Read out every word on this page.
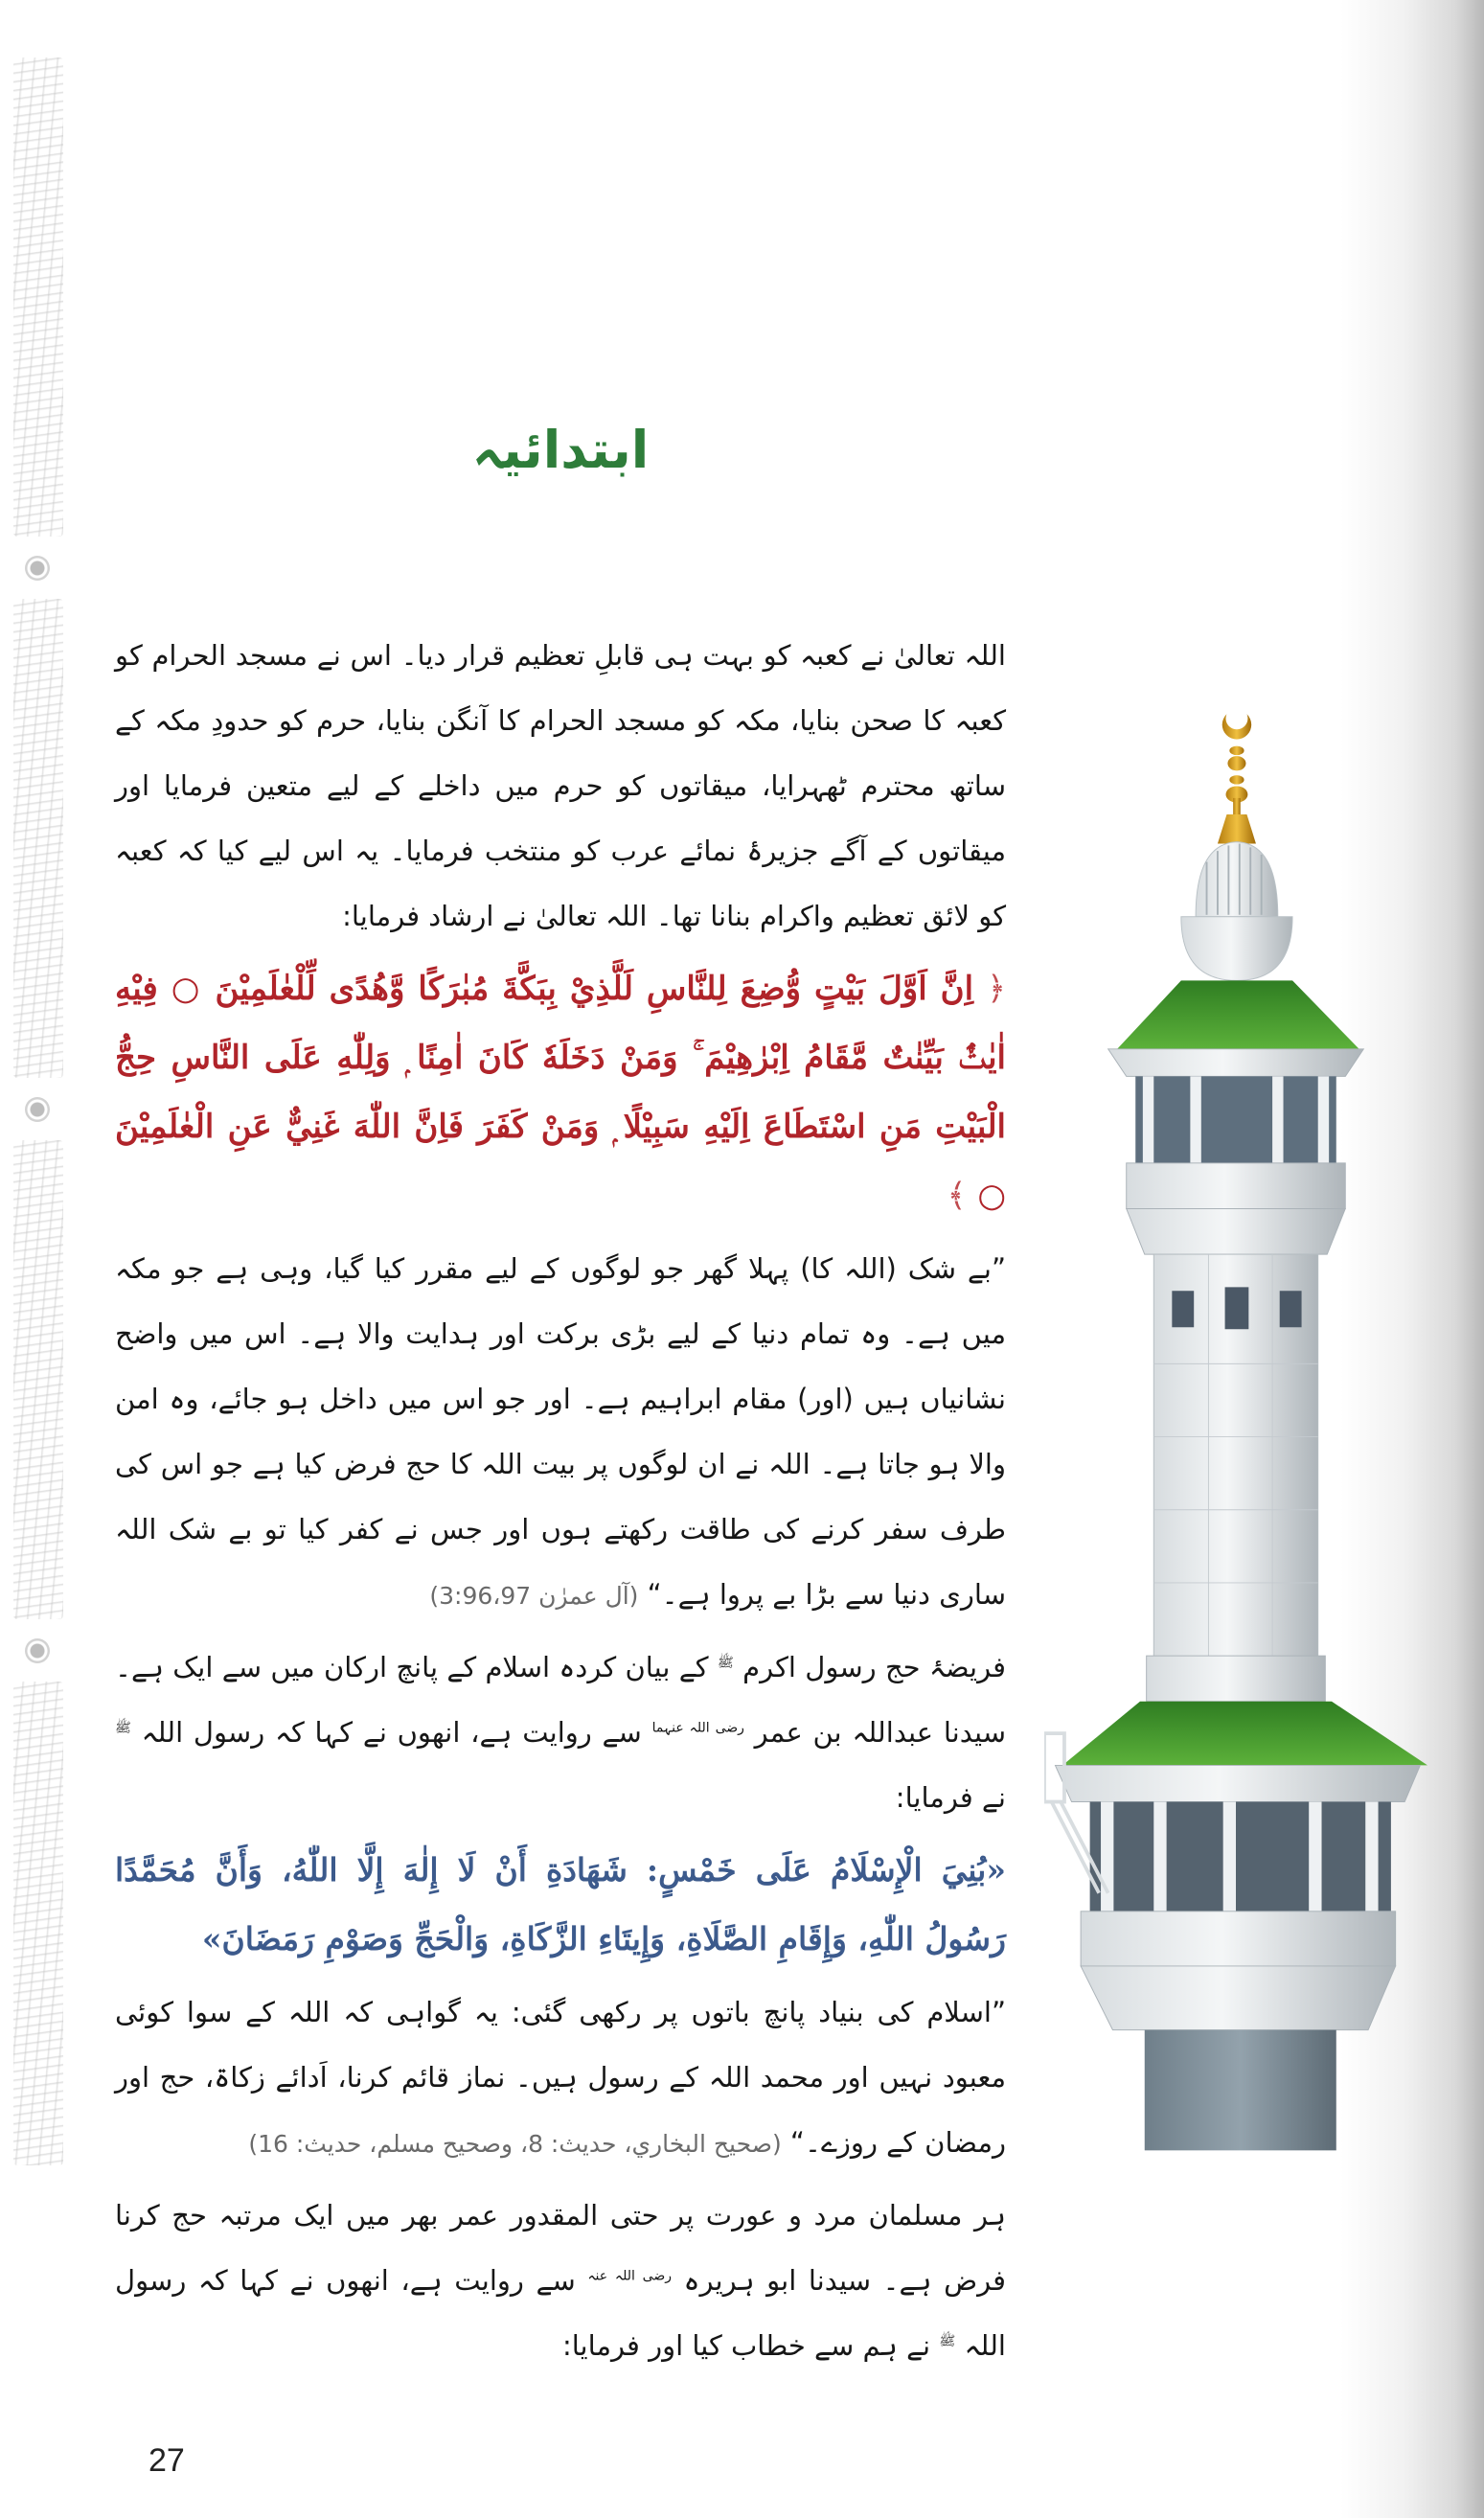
ابتدائیہ

اللہ تعالیٰ نے کعبہ کو بہت ہی قابلِ تعظیم قرار دیا۔ اس نے مسجد الحرام کو کعبہ کا صحن بنایا، مکہ کو مسجد الحرام کا آنگن بنایا، حرم کو حدودِ مکہ کے ساتھ محترم ٹھہرایا، میقاتوں کو حرم میں داخلے کے لیے متعین فرمایا اور میقاتوں کے آگے جزیرۂ نمائے عرب کو منتخب فرمایا۔ یہ اس لیے کیا کہ کعبہ کو لائق تعظیم واکرام بنانا تھا۔ اللہ تعالیٰ نے ارشاد فرمایا:

﴿ اِنَّ اَوَّلَ بَيْتٍ وُّضِعَ لِلنَّاسِ لَلَّذِيْ بِبَكَّةَ مُبٰرَكًا وَّهُدًى لِّلْعٰلَمِيْنَ ○ فِيْهِ اٰيٰتٌۢ بَيِّنٰتٌ مَّقَامُ اِبْرٰهِيْمَ ۚ وَمَنْ دَخَلَهٗ كَانَ اٰمِنًا ۭ وَلِلّٰهِ عَلَى النَّاسِ حِجُّ الْبَيْتِ مَنِ اسْتَطَاعَ اِلَيْهِ سَبِيْلًا ۭ وَمَنْ كَفَرَ فَاِنَّ اللّٰهَ غَنِيٌّ عَنِ الْعٰلَمِيْنَ ○ ﴾

”بے شک (اللہ کا) پہلا گھر جو لوگوں کے لیے مقرر کیا گیا، وہی ہے جو مکہ میں ہے۔ وہ تمام دنیا کے لیے بڑی برکت اور ہدایت والا ہے۔ اس میں واضح نشانیاں ہیں (اور) مقام ابراہیم ہے۔ اور جو اس میں داخل ہو جائے، وہ امن والا ہو جاتا ہے۔ اللہ نے ان لوگوں پر بیت اللہ کا حج فرض کیا ہے جو اس کی طرف سفر کرنے کی طاقت رکھتے ہوں اور جس نے کفر کیا تو بے شک اللہ ساری دنیا سے بڑا بے پروا ہے۔“ (آل عمرٰن 3:96،97)

فریضۂ حج رسول اکرم $^ﷺ$ کے بیان کردہ اسلام کے پانچ ارکان میں سے ایک ہے۔ سیدنا عبداللہ بن عمر $^{رضی اللہ عنہما}$ سے روایت ہے، انھوں نے کہا کہ رسول اللہ $^ﷺ$ نے فرمایا:

«بُنِيَ الْإِسْلَامُ عَلَى خَمْسٍ: شَهَادَةِ أَنْ لَا إِلٰهَ إِلَّا اللّٰهُ، وَأَنَّ مُحَمَّدًا رَسُولُ اللّٰهِ، وَإِقَامِ الصَّلَاةِ، وَإِيتَاءِ الزَّكَاةِ، وَالْحَجِّ وَصَوْمِ رَمَضَانَ»

”اسلام کی بنیاد پانچ باتوں پر رکھی گئی: یہ گواہی کہ اللہ کے سوا کوئی معبود نہیں اور محمد اللہ کے رسول ہیں۔ نماز قائم کرنا، اَدائے زکاۃ، حج اور رمضان کے روزے۔“ (صحيح البخاري، حديث: 8، وصحيح مسلم، حديث: 16)

ہر مسلمان مرد و عورت پر حتی المقدور عمر بھر میں ایک مرتبہ حج کرنا فرض ہے۔ سیدنا ابو ہریرہ $^{رضی اللہ عنہ}$ سے روایت ہے، انھوں نے کہا کہ رسول اللہ $^ﷺ$ نے ہم سے خطاب کیا اور فرمایا:

27
